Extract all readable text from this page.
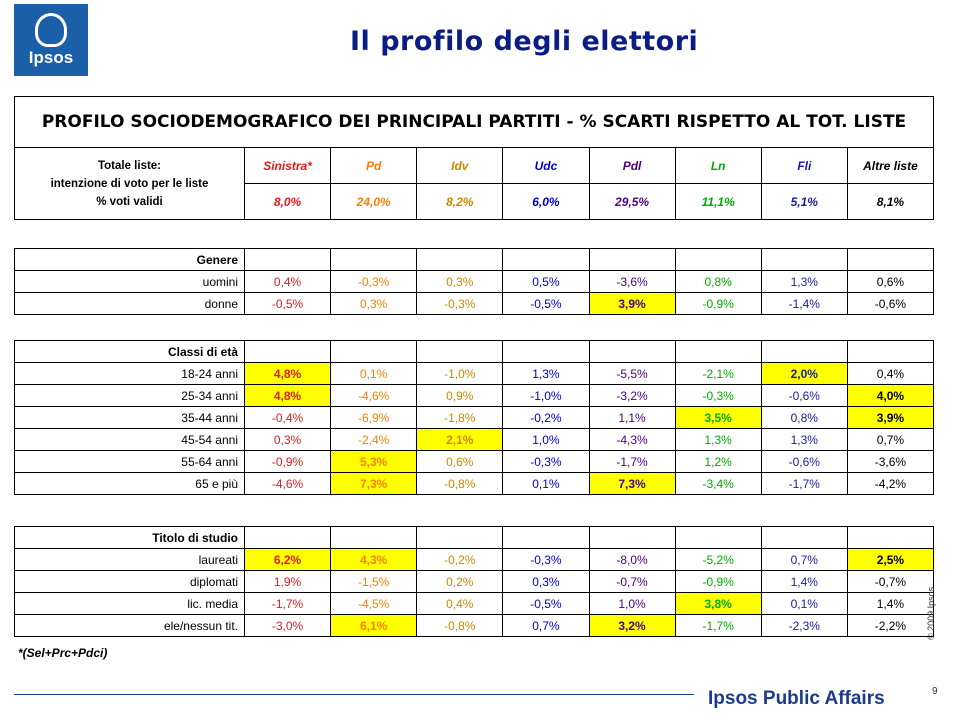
Ipsos
Il profilo degli elettori
PROFILO SOCIODEMOGRAFICO DEI PRINCIPALI PARTITI - % SCARTI RISPETTO AL TOT. LISTE
Totale liste:
intenzione di voto per le liste
% voti validi	Sinistra*	Pd	Idv	Udc	Pdl	Ln	Fli	Altre liste
	8,0%	24,0%	8,2%	6,0%	29,5%	11,1%	5,1%	8,1%
Genere								
uomini	0,4%	-0,3%	0,3%	0,5%	-3,6%	0,8%	1,3%	0,6%
donne	-0,5%	0,3%	-0,3%	-0,5%	3,9%	-0,9%	-1,4%	-0,6%
Classi di età								
18-24 anni	4,8%	0,1%	-1,0%	1,3%	-5,5%	-2,1%	2,0%	0,4%
25-34 anni	4,8%	-4,6%	0,9%	-1,0%	-3,2%	-0,3%	-0,6%	4,0%
35-44 anni	-0,4%	-6,9%	-1,8%	-0,2%	1,1%	3,5%	0,8%	3,9%
45-54 anni	0,3%	-2,4%	2,1%	1,0%	-4,3%	1,3%	1,3%	0,7%
55-64 anni	-0,9%	5,3%	0,6%	-0,3%	-1,7%	1,2%	-0,6%	-3,6%
65 e più	-4,6%	7,3%	-0,8%	0,1%	7,3%	-3,4%	-1,7%	-4,2%
Titolo di studio								
laureati	6,2%	4,3%	-0,2%	-0,3%	-8,0%	-5,2%	0,7%	2,5%
diplomati	1,9%	-1,5%	0,2%	0,3%	-0,7%	-0,9%	1,4%	-0,7%
lic. media	-1,7%	-4,5%	0,4%	-0,5%	1,0%	3,8%	0,1%	1,4%
ele/nessun tit.	-3,0%	6,1%	-0,8%	0,7%	3,2%	-1,7%	-2,3%	-2,2%
*(Sel+Prc+Pdci)
© 2009 Ipsos
9
Ipsos Public Affairs
